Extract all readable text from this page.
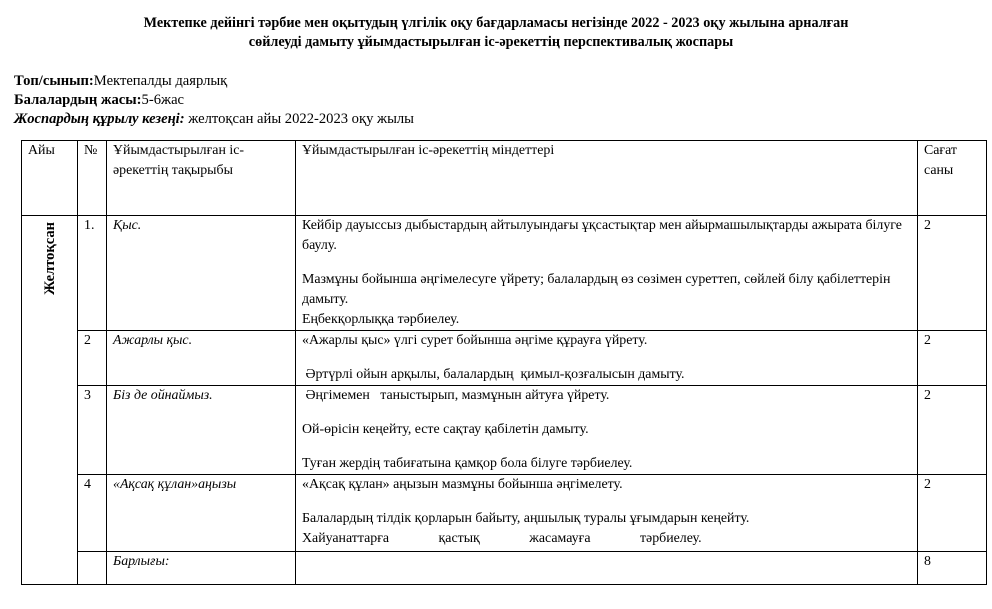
Мектепке дейінгі тәрбие мен оқытудың үлгілік оқу бағдарламасы негізінде 2022 - 2023 оқу жылына арналған
сөйлеуді дамыту ұйымдастырылған іс-әрекеттің перспективалық жоспары
Топ/сынып:Мектепалды даярлық
Балалардың жасы:5-6жас
Жоспардың құрылу кезеңі: желтоқсан айы 2022-2023 оқу жылы
Айы	№	Ұйымдастырылған іс-әрекеттің тақырыбы	Ұйымдастырылған іс-әрекеттің міндеттері	Сағат саны

Желтоқсан	1.	Қыс.	Кейбір дауыссыз дыбыстардың айтылуындағы ұқсастықтар мен айырмашылықтарды ажырата білуге баулу.

Мазмұны бойынша әңгімелесуге үйрету; балалардың өз сөзімен суреттеп, сөйлей білу қабілеттерін дамыту.

Еңбекқорлыққа тәрбиелеу.	2
	2	Ажарлы қыс.	«Ажарлы қыс» үлгі сурет бойынша әңгіме құрауға үйрету.

Әртүрлі ойын арқылы, балалардың  қимыл-қозғалысын дамыту.	2
	3	Біз де ойнаймыз.	Әңгімемен   таныстырып, мазмұнын айтуға үйрету.

Ой-өрісін кеңейту, есте сақтау қабілетін дамыту.

Туған жердің табиғатына қамқор бола білуге тәрбиелеу.	2
	4	«Ақсақ құлан»аңызы	«Ақсақ құлан» аңызын мазмұны бойынша әңгімелету.

Балалардың тілдік қорларын байыту, аңшылық туралы ұғымдарын кеңейту.

Хайуанаттарға қастық жасамауға тәрбиелеу.	2
		Барлығы:		8
